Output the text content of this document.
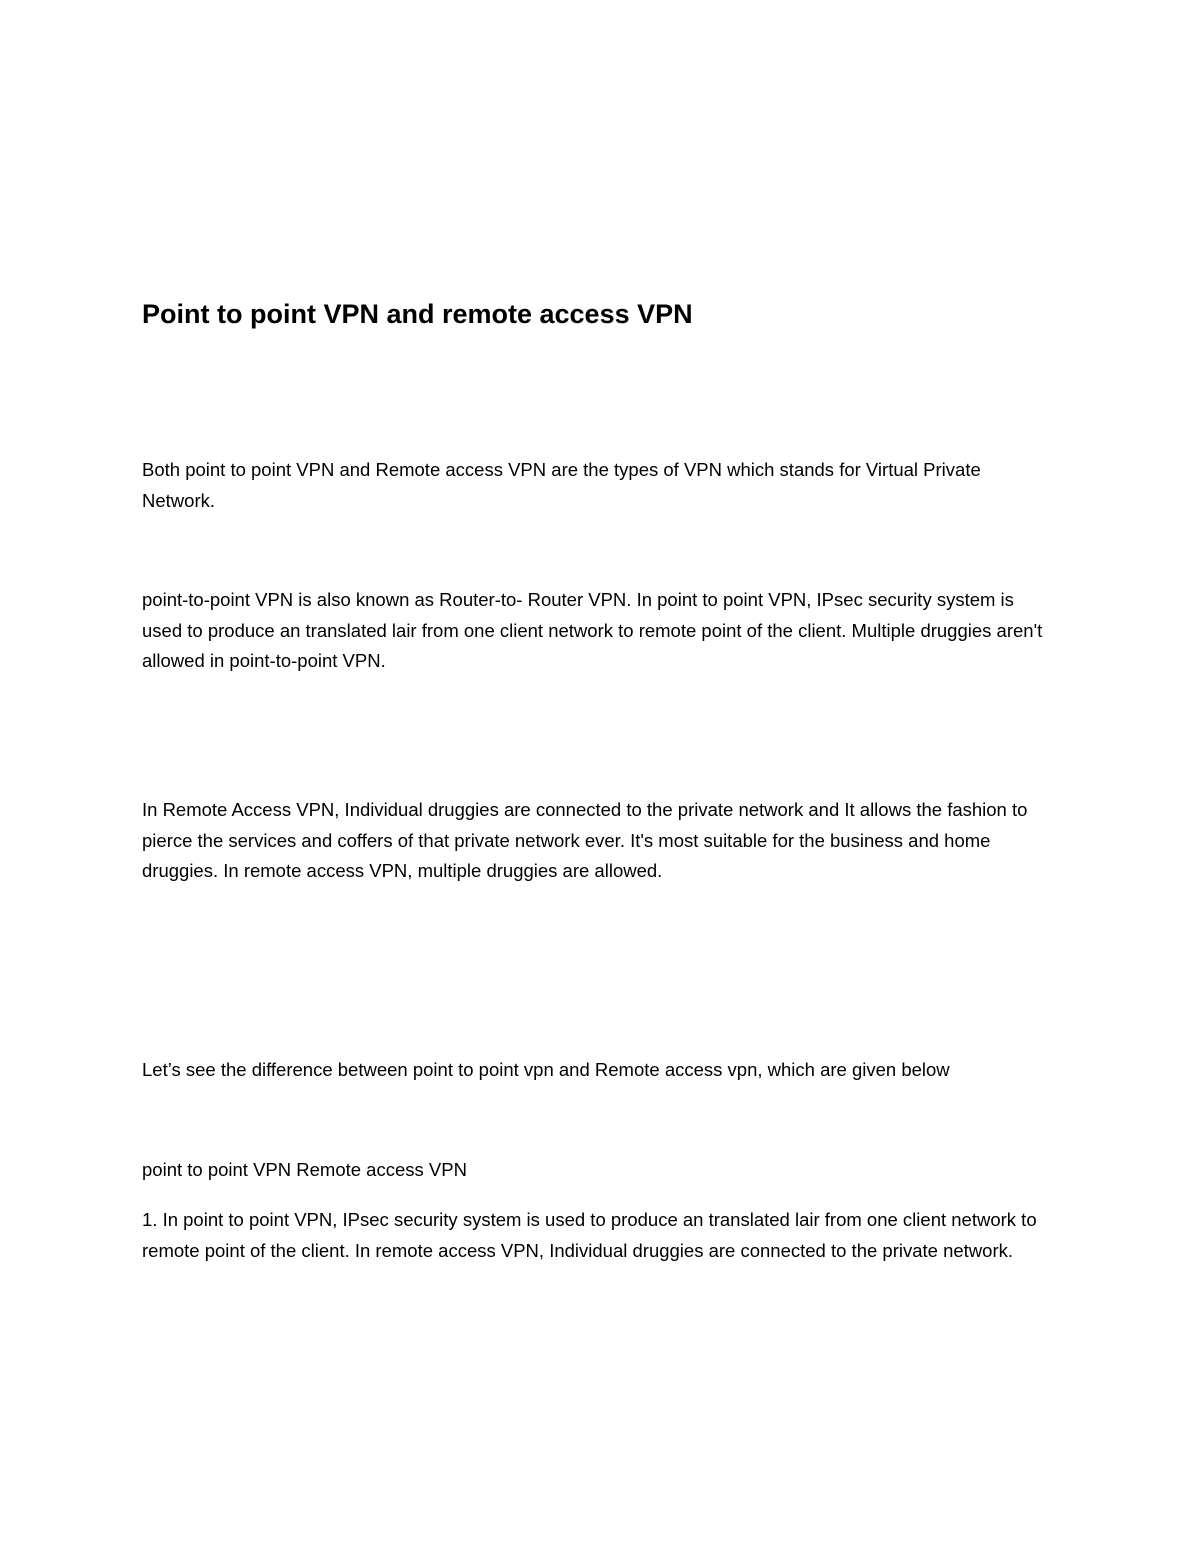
Point to point VPN and remote access VPN

Both point to point VPN and Remote access VPN are the types of VPN which stands for Virtual Private Network.

point-to-point VPN is also known as Router-to- Router VPN. In point to point VPN, IPsec security system is used to produce an translated lair from one client network to remote point of the client. Multiple druggies aren't allowed in point-to-point VPN.

In Remote Access VPN, Individual druggies are connected to the private network and It allows the fashion to pierce the services and coffers of that private network ever. It's most suitable for the business and home druggies. In remote access VPN, multiple druggies are allowed.

Let’s see the difference between point to point vpn and Remote access vpn, which are given below

point to point VPN Remote access VPN

1. In point to point VPN, IPsec security system is used to produce an translated lair from one client network to remote point of the client. In remote access VPN, Individual druggies are connected to the private network.
